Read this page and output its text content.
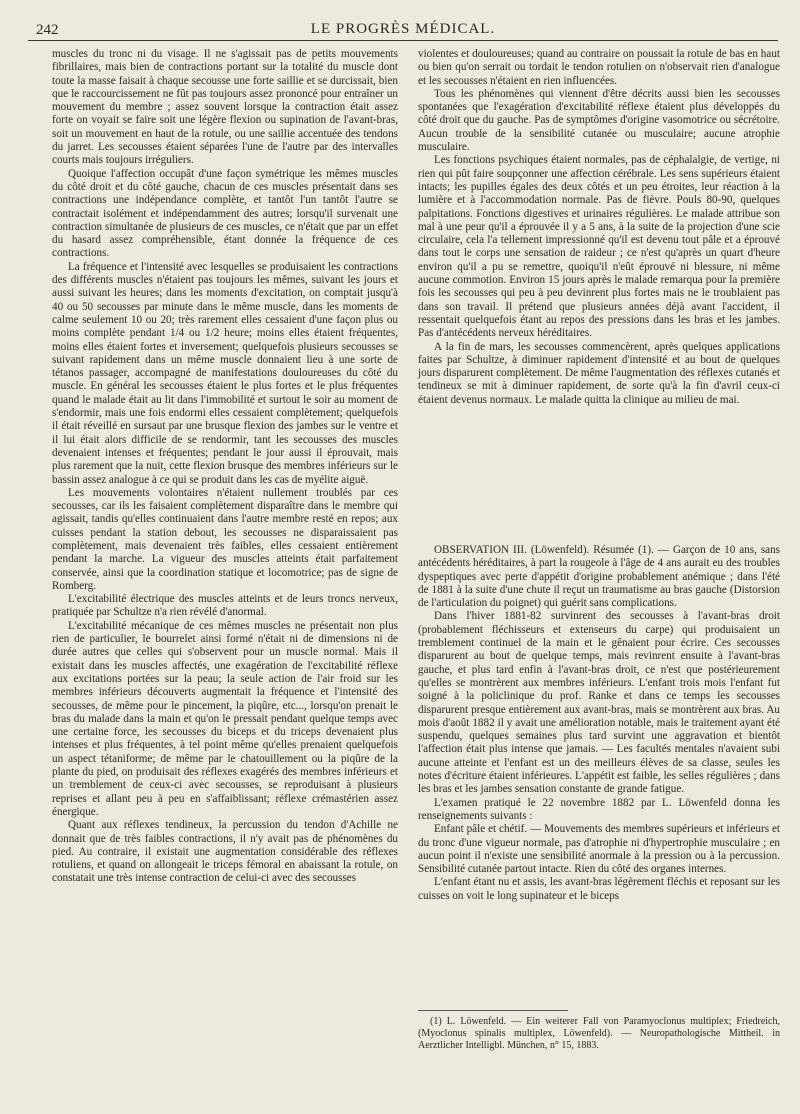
242	LE PROGRÈS MÉDICAL.

muscles du tronc ni du visage. Il ne s'agissait pas de petits mouvements fibrillaires, mais bien de contractions portant sur la totalité du muscle dont toute la masse faisait à chaque secousse une forte saillie et se durcissait, bien que le raccourcissement ne fût pas toujours assez prononcé pour entraîner un mouvement du membre ; assez souvent lorsque la contraction était assez forte on voyait se faire soit une légère flexion ou supination de l'avant-bras, soit un mouvement en haut de la rotule, ou une saillie accentuée des tendons du jarret. Les secousses étaient séparées l'une de l'autre par des intervalles courts mais toujours irréguliers.

Quoique l'affection occupât d'une façon symétrique les mêmes muscles du côté droit et du côté gauche, chacun de ces muscles présentait dans ses contractions une indépendance complète, et tantôt l'un tantôt l'autre se contractait isolément et indépendamment des autres; lorsqu'il survenait une contraction simultanée de plusieurs de ces muscles, ce n'était que par un effet du hasard assez compréhensible, étant donnée la fréquence de ces contractions.

La fréquence et l'intensité avec lesquelles se produisaient les contractions des différents muscles n'étaient pas toujours les mêmes, suivant les jours et aussi suivant les heures; dans les moments d'excitation, on comptait jusqu'à 40 ou 50 secousses par minute dans le même muscle, dans les moments de calme seulement 10 ou 20; très rarement elles cessaient d'une façon plus ou moins complète pendant 1/4 ou 1/2 heure; moins elles étaient fréquentes, moins elles étaient fortes et inversement; quelquefois plusieurs secousses se suivant rapidement dans un même muscle donnaient lieu à une sorte de tétanos passager, accompagné de manifestations douloureuses du côté du muscle. En général les secousses étaient le plus fortes et le plus fréquentes quand le malade était au lit dans l'immobilité et surtout le soir au moment de s'endormir, mais une fois endormi elles cessaient complètement; quelquefois il était réveillé en sursaut par une brusque flexion des jambes sur le ventre et il lui était alors difficile de se rendormir, tant les secousses des muscles devenaient intenses et fréquentes; pendant le jour aussi il éprouvait, mais plus rarement que la nuit, cette flexion brusque des membres inférieurs sur le bassin assez analogue à ce qui se produit dans les cas de myélite aiguë.

Les mouvements volontaires n'étaient nullement troublés par ces secousses, car ils les faisaient complètement disparaître dans le membre qui agissait, tandis qu'elles continuaient dans l'autre membre resté en repos; aux cuisses pendant la station debout, les secousses ne disparaissaient pas complètement, mais devenaient très faibles, elles cessaient entièrement pendant la marche. La vigueur des muscles atteints était parfaitement conservée, ainsi que la coordination statique et locomotrice; pas de signe de Romberg.

L'excitabilité électrique des muscles atteints et de leurs troncs nerveux, pratiquée par Schultze n'a rien révélé d'anormal.

L'excitabilité mécanique de ces mêmes muscles ne présentait non plus rien de particulier, le bourrelet ainsi formé n'était ni de dimensions ni de durée autres que celles qui s'observent pour un muscle normal. Mais il existait dans les muscles affectés, une exagération de l'excitabilité réflexe aux excitations portées sur la peau; la seule action de l'air froid sur les membres inférieurs découverts augmentait la fréquence et l'intensité des secousses, de même pour le pincement, la piqûre, etc..., lorsqu'on prenait le bras du malade dans la main et qu'on le pressait pendant quelque temps avec une certaine force, les secousses du biceps et du triceps devenaient plus intenses et plus fréquentes, à tel point même qu'elles prenaient quelquefois un aspect tétaniforme; de même par le chatouillement ou la piqûre de la plante du pied, on produisait des réflexes exagérés des membres inférieurs et un tremblement de ceux-ci avec secousses, se reproduisant à plusieurs reprises et allant peu à peu en s'affaiblissant; réflexe crémastérien assez énergique.

Quant aux réflexes tendineux, la percussion du tendon d'Achille ne donnait que de très faibles contractions, il n'y avait pas de phénomènes du pied. Au contraire, il existait une augmentation considérable des réflexes rotuliens, et quand on allongeait le triceps fémoral en abaissant la rotule, on constatait une très intense contraction de celui-ci avec des secousses

violentes et douloureuses; quand au contraire on poussait la rotule de bas en haut ou bien qu'on serrait ou tordait le tendon rotulien on n'observait rien d'analogue et les secousses n'étaient en rien influencées.

Tous les phénomènes qui viennent d'être décrits aussi bien les secousses spontanées que l'exagération d'excitabilité réflexe étaient plus développés du côté droit que du gauche. Pas de symptômes d'origine vasomotrice ou sécrétoire. Aucun trouble de la sensibilité cutanée ou musculaire; aucune atrophie musculaire.

Les fonctions psychiques étaient normales, pas de céphalalgie, de vertige, ni rien qui pût faire soupçonner une affection cérébrale. Les sens supérieurs étaient intacts; les pupilles égales des deux côtés et un peu étroites, leur réaction à la lumière et à l'accommodation normale. Pas de fièvre. Pouls 80-90, quelques palpitations. Fonctions digestives et urinaires régulières. Le malade attribue son mal à une peur qu'il a éprouvée il y a 5 ans, à la suite de la projection d'une scie circulaire, cela l'a tellement impressionné qu'il est devenu tout pâle et a éprouvé dans tout le corps une sensation de raideur ; ce n'est qu'après un quart d'heure environ qu'il a pu se remettre, quoiqu'il n'eût éprouvé ni blessure, ni même aucune commotion. Environ 15 jours après le malade remarqua pour la première fois les secousses qui peu à peu devinrent plus fortes mais ne le troublaient pas dans son travail. Il prétend que plusieurs années déjà avant l'accident, il ressentait quelquefois étant au repos des pressions dans les bras et les jambes. Pas d'antécédents nerveux héréditaires.

A la fin de mars, les secousses commencèrent, après quelques applications faites par Schultze, à diminuer rapidement d'intensité et au bout de quelques jours disparurent complètement. De même l'augmentation des réflexes cutanés et tendineux se mit à diminuer rapidement, de sorte qu'à la fin d'avril ceux-ci étaient devenus normaux. Le malade quitta la clinique au milieu de mai.

OBSERVATION III. (Löwenfeld). Résumée (1). — Garçon de 10 ans, sans antécédents héréditaires, à part la rougeole à l'âge de 4 ans aurait eu des troubles dyspeptiques avec perte d'appétit d'origine probablement anémique ; dans l'été de 1881 à la suite d'une chute il reçut un traumatisme au bras gauche (Distorsion de l'articulation du poignet) qui guérit sans complications.

Dans l'hiver 1881-82 survinrent des secousses à l'avant-bras droit (probablement fléchisseurs et extenseurs du carpe) qui produisaient un tremblement continuel de la main et le gênaient pour écrire. Ces secousses disparurent au bout de quelque temps, mais revinrent ensuite à l'avant-bras gauche, et plus tard enfin à l'avant-bras droit, ce n'est que postérieurement qu'elles se montrèrent aux membres inférieurs. L'enfant trois mois l'enfant fut soigné à la policlinique du prof. Ranke et dans ce temps les secousses disparurent presque entièrement aux avant-bras, mais se montrèrent aux bras. Au mois d'août 1882 il y avait une amélioration notable, mais le traitement ayant été suspendu, quelques semaines plus tard survint une aggravation et bientôt l'affection était plus intense que jamais. — Les facultés mentales n'avaient subi aucune atteinte et l'enfant est un des meilleurs élèves de sa classe, seules les notes d'écriture étaient inférieures. L'appétit est faible, les selles régulières ; dans les bras et les jambes sensation constante de grande fatigue.

L'examen pratiqué le 22 novembre 1882 par L. Löwenfeld donna les renseignements suivants :

Enfant pâle et chétif. — Mouvements des membres supérieurs et inférieurs et du tronc d'une vigueur normale, pas d'atrophie ni d'hypertrophie musculaire ; en aucun point il n'existe une sensibilité anormale à la pression ou à la percussion. Sensibilité cutanée partout intacte. Rien du côté des organes internes.

L'enfant étant nu et assis, les avant-bras légèrement fléchis et reposant sur les cuisses on voit le long supinateur et le biceps

(1) L. Löwenfeld. — Ein weiterer Fall von Paramyoclonus multiplex; Friedreich, (Myoclonus spinalis multiplex, Löwenfeld). — Neuropathologische Mittheil. in Aerztlicher Intelligbl. München, n° 15, 1883.
